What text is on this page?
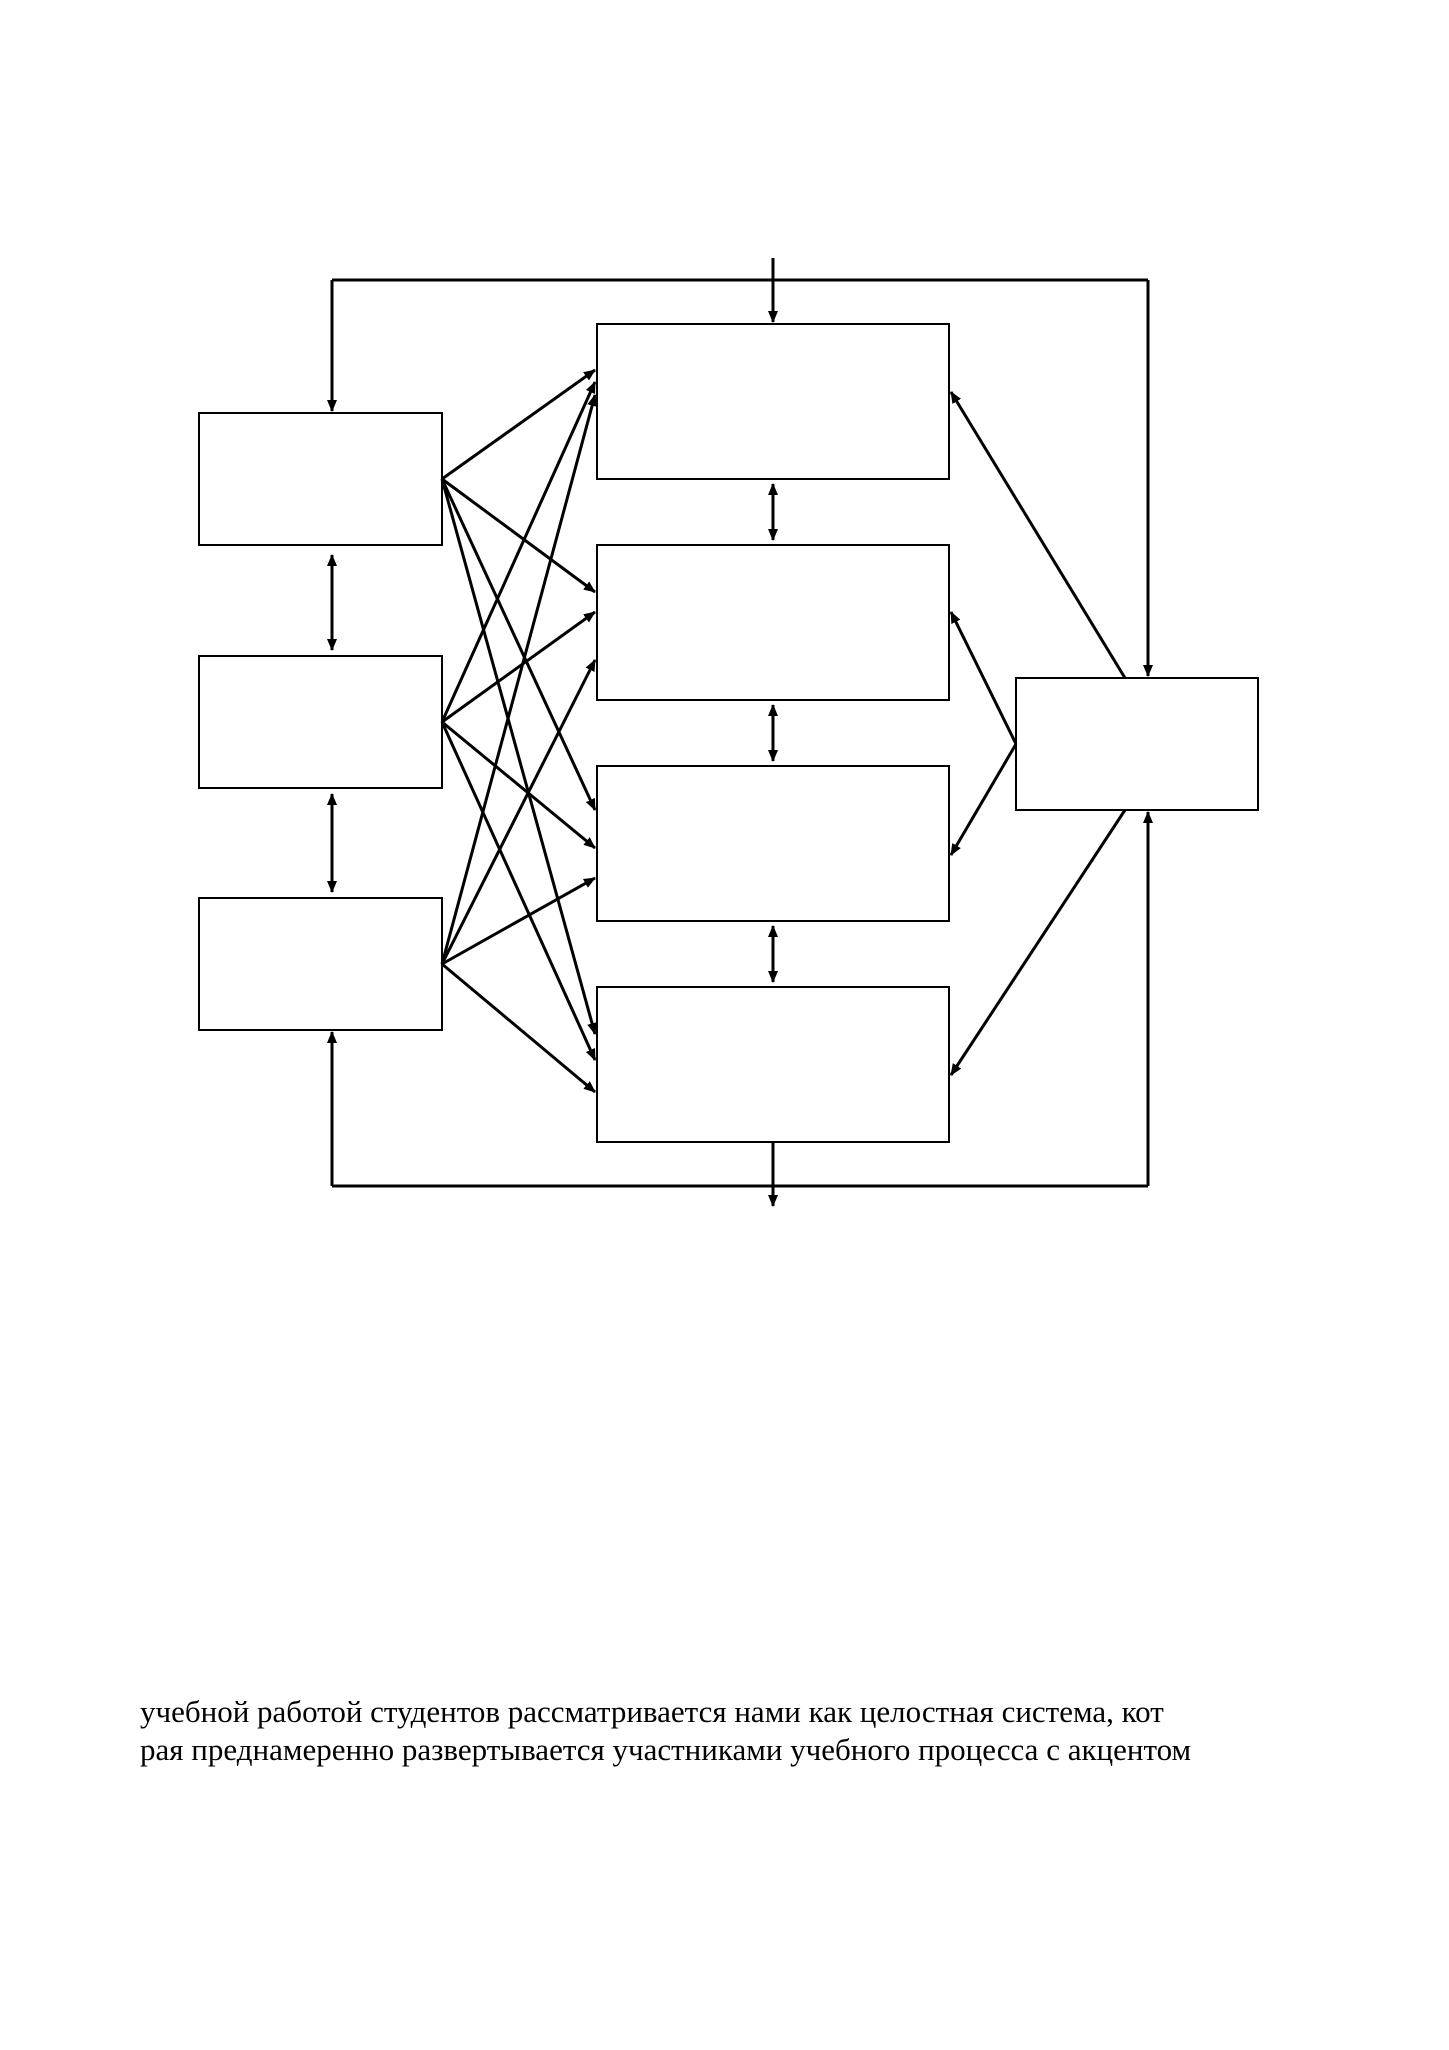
учебной работой студентов рассматривается нами как целостная система, кот
рая преднамеренно развертывается участниками учебного процесса с акцентом
